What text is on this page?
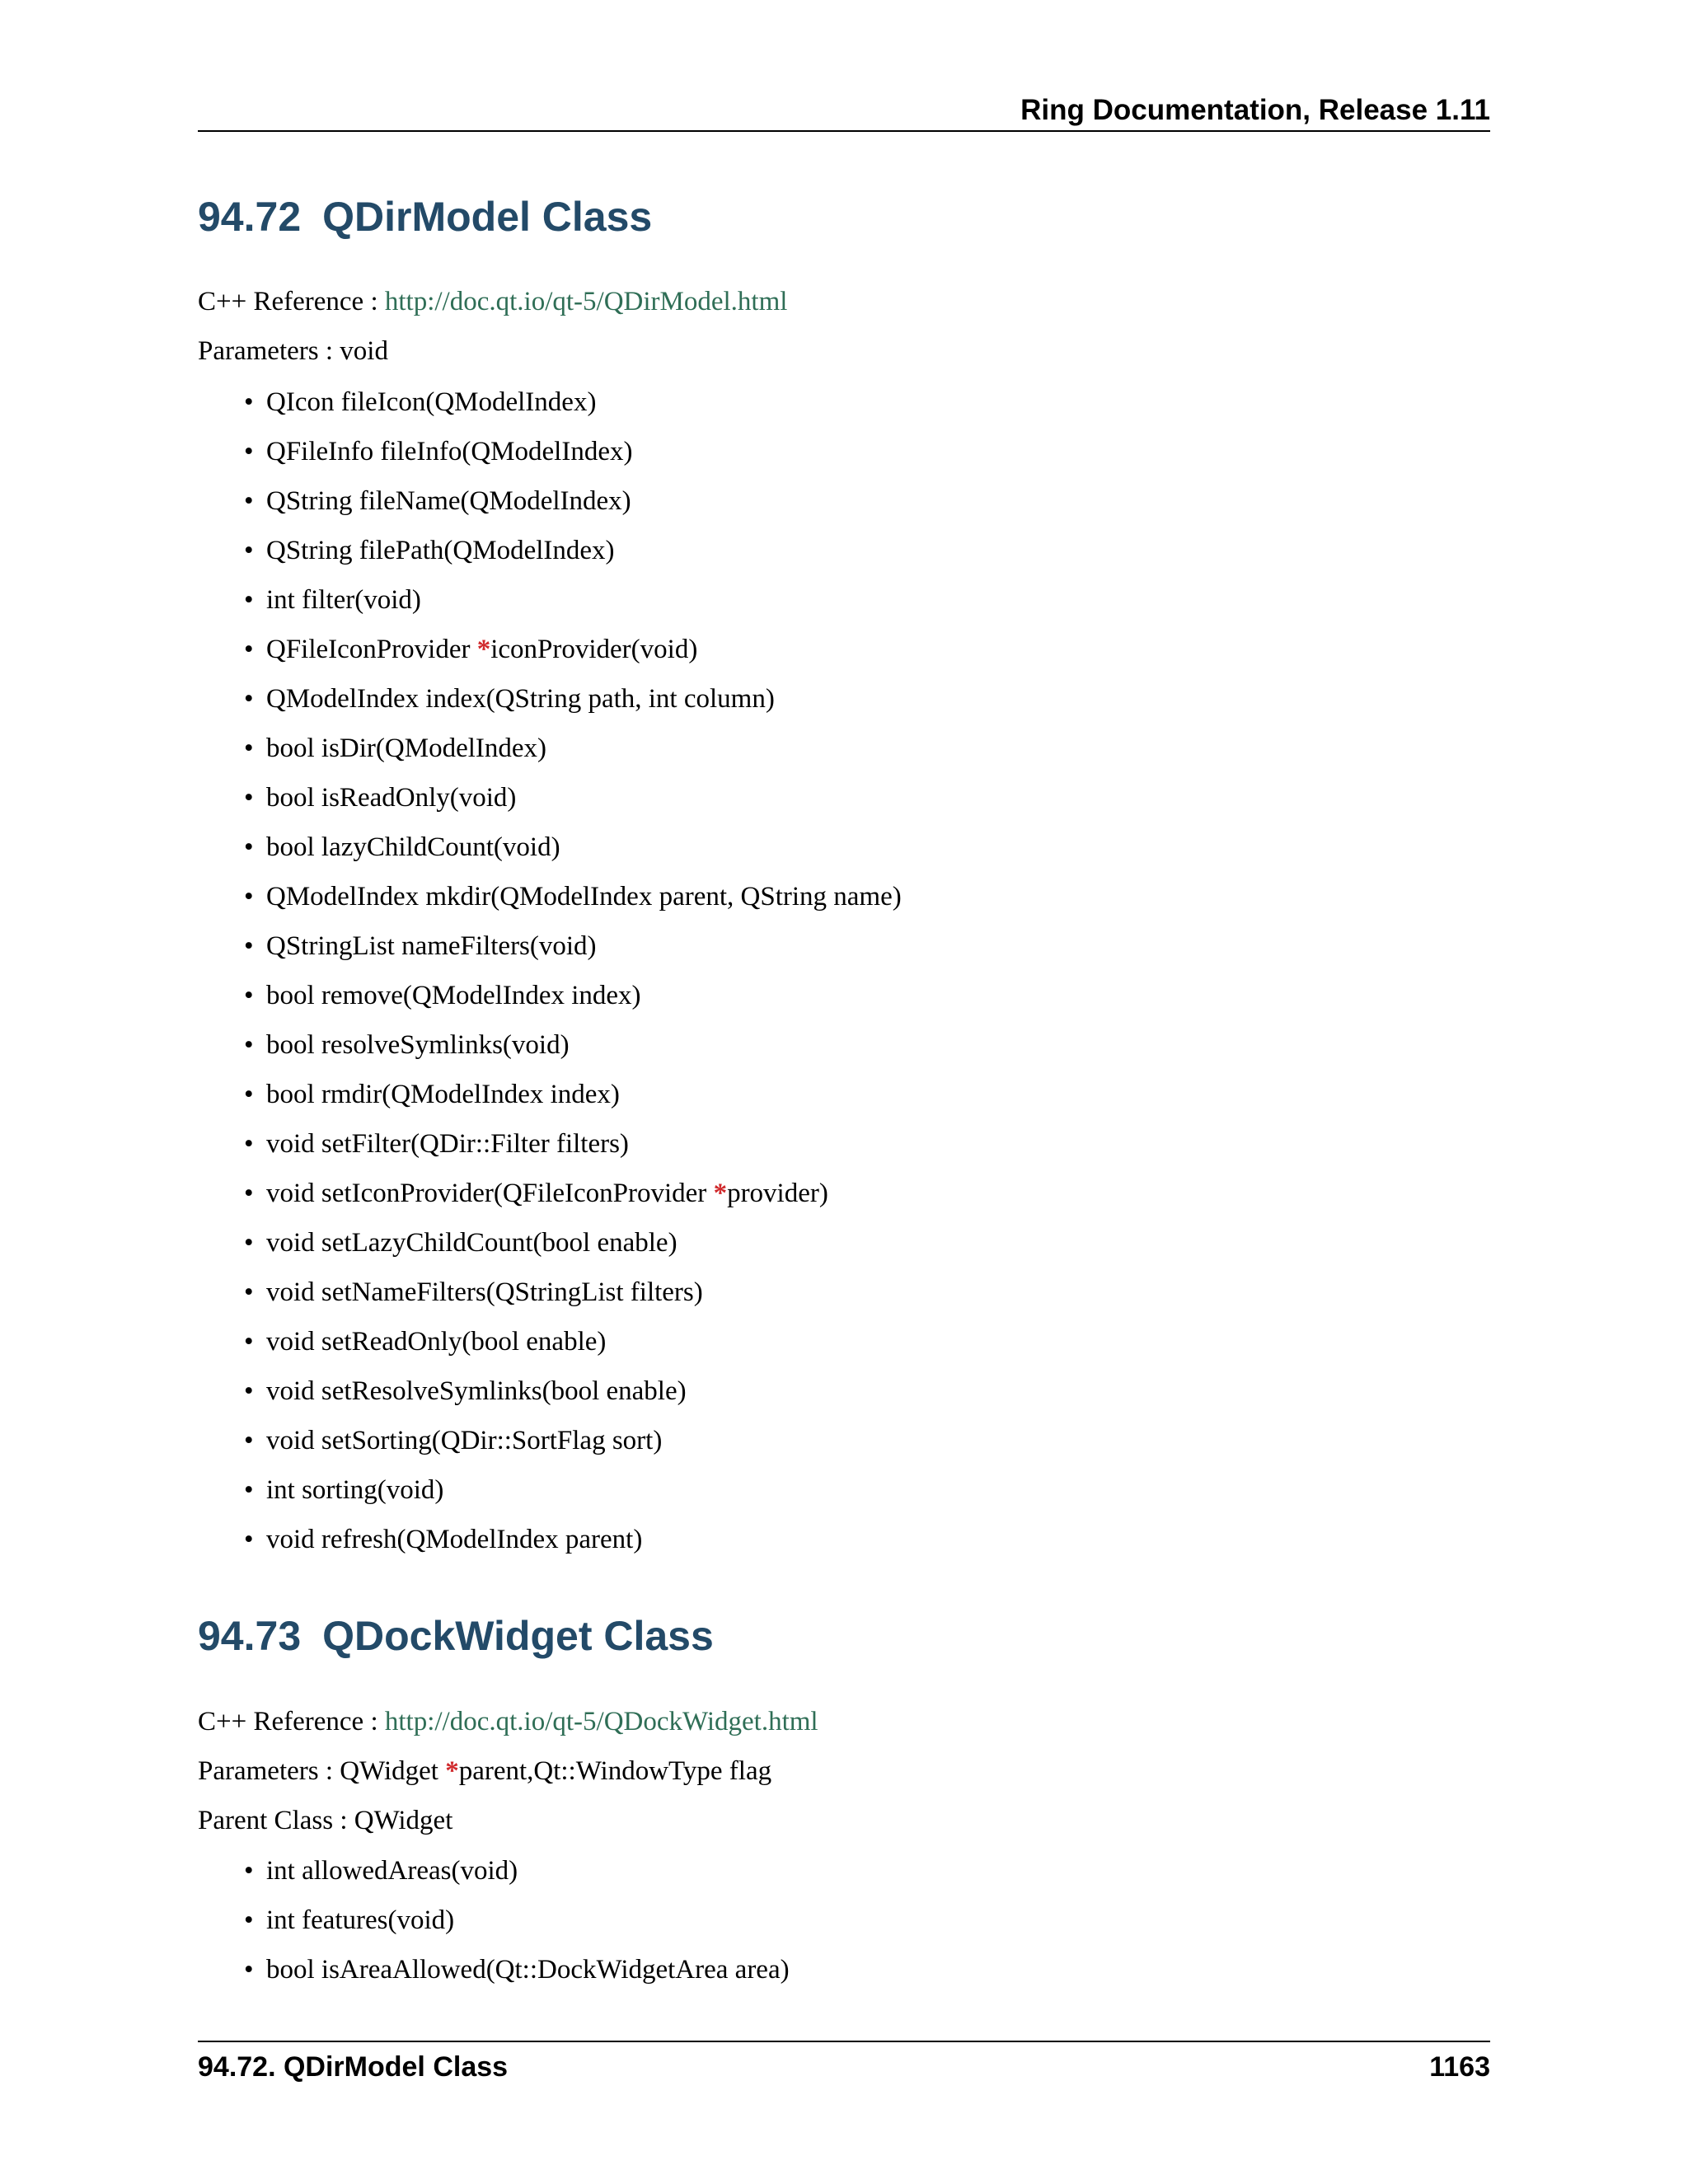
Ring Documentation, Release 1.11
94.72 QDirModel Class
C++ Reference : http://doc.qt.io/qt-5/QDirModel.html
Parameters : void
• QIcon fileIcon(QModelIndex)
• QFileInfo fileInfo(QModelIndex)
• QString fileName(QModelIndex)
• QString filePath(QModelIndex)
• int filter(void)
• QFileIconProvider *iconProvider(void)
• QModelIndex index(QString path, int column)
• bool isDir(QModelIndex)
• bool isReadOnly(void)
• bool lazyChildCount(void)
• QModelIndex mkdir(QModelIndex parent, QString name)
• QStringList nameFilters(void)
• bool remove(QModelIndex index)
• bool resolveSymlinks(void)
• bool rmdir(QModelIndex index)
• void setFilter(QDir::Filter filters)
• void setIconProvider(QFileIconProvider *provider)
• void setLazyChildCount(bool enable)
• void setNameFilters(QStringList filters)
• void setReadOnly(bool enable)
• void setResolveSymlinks(bool enable)
• void setSorting(QDir::SortFlag sort)
• int sorting(void)
• void refresh(QModelIndex parent)
94.73 QDockWidget Class
C++ Reference : http://doc.qt.io/qt-5/QDockWidget.html
Parameters : QWidget *parent,Qt::WindowType flag
Parent Class : QWidget
• int allowedAreas(void)
• int features(void)
• bool isAreaAllowed(Qt::DockWidgetArea area)
94.72. QDirModel Class	1163
